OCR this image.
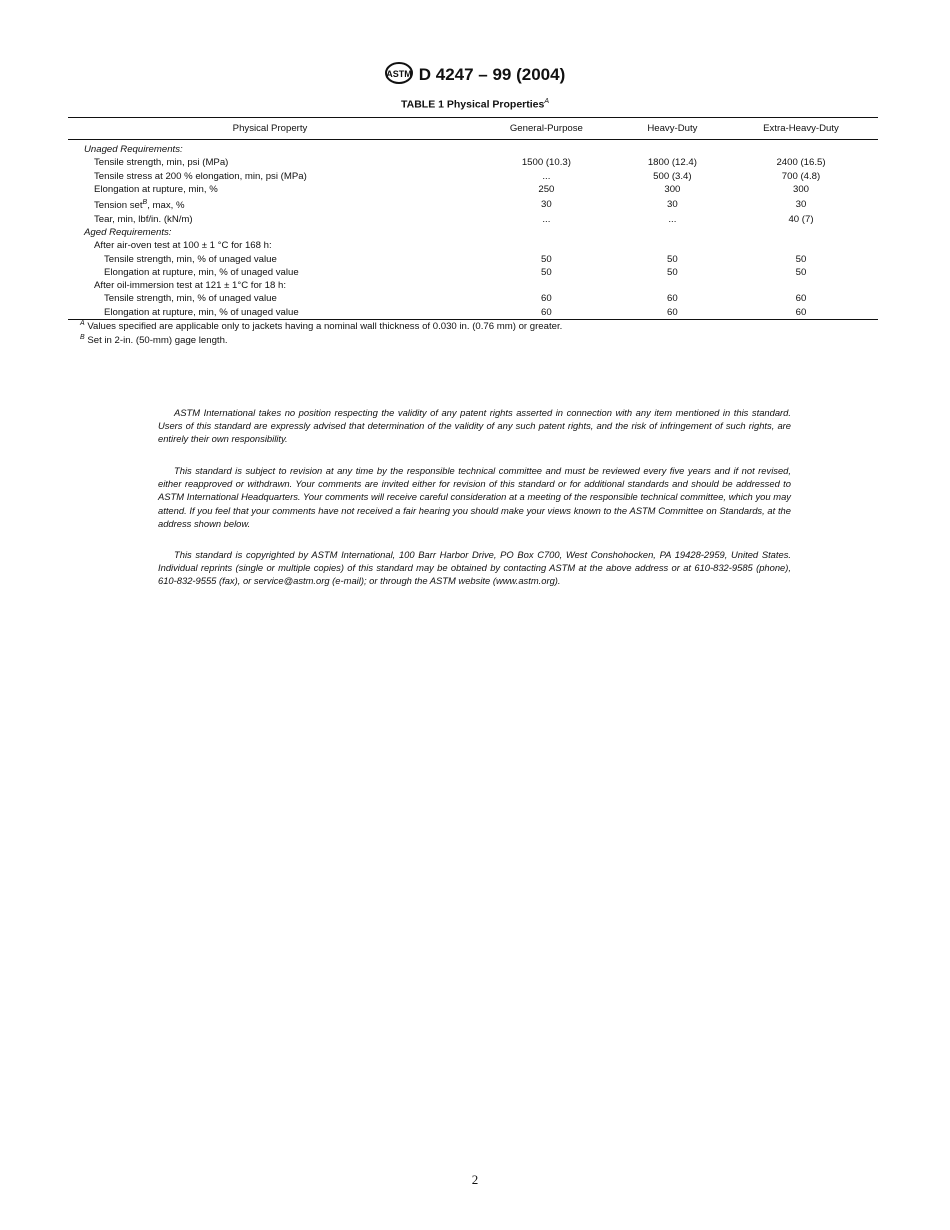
ASTM D 4247 – 99 (2004)
TABLE 1 Physical Properties$^A$
Physical Property	General-Purpose	Heavy-Duty	Extra-Heavy-Duty
Unaged Requirements:			
Tensile strength, min, psi (MPa)	1500 (10.3)	1800 (12.4)	2400 (16.5)
Tensile stress at 200 % elongation, min, psi (MPa)	...	500 (3.4)	700 (4.8)
Elongation at rupture, min, %	250	300	300
Tension set$^B$, max, %	30	30	30
Tear, min, lbf/in. (kN/m)	...	...	40 (7)
Aged Requirements:			
After air-oven test at 100 ± 1 °C for 168 h:			
Tensile strength, min, % of unaged value	50	50	50
Elongation at rupture, min, % of unaged value	50	50	50
After oil-immersion test at 121 ± 1°C for 18 h:			
Tensile strength, min, % of unaged value	60	60	60
Elongation at rupture, min, % of unaged value	60	60	60
$^A$ Values specified are applicable only to jackets having a nominal wall thickness of 0.030 in. (0.76 mm) or greater.
$^B$ Set in 2-in. (50-mm) gage length.
ASTM International takes no position respecting the validity of any patent rights asserted in connection with any item mentioned in this standard. Users of this standard are expressly advised that determination of the validity of any such patent rights, and the risk of infringement of such rights, are entirely their own responsibility.
This standard is subject to revision at any time by the responsible technical committee and must be reviewed every five years and if not revised, either reapproved or withdrawn. Your comments are invited either for revision of this standard or for additional standards and should be addressed to ASTM International Headquarters. Your comments will receive careful consideration at a meeting of the responsible technical committee, which you may attend. If you feel that your comments have not received a fair hearing you should make your views known to the ASTM Committee on Standards, at the address shown below.
This standard is copyrighted by ASTM International, 100 Barr Harbor Drive, PO Box C700, West Conshohocken, PA 19428-2959, United States. Individual reprints (single or multiple copies) of this standard may be obtained by contacting ASTM at the above address or at 610-832-9585 (phone), 610-832-9555 (fax), or service@astm.org (e-mail); or through the ASTM website (www.astm.org).
2
